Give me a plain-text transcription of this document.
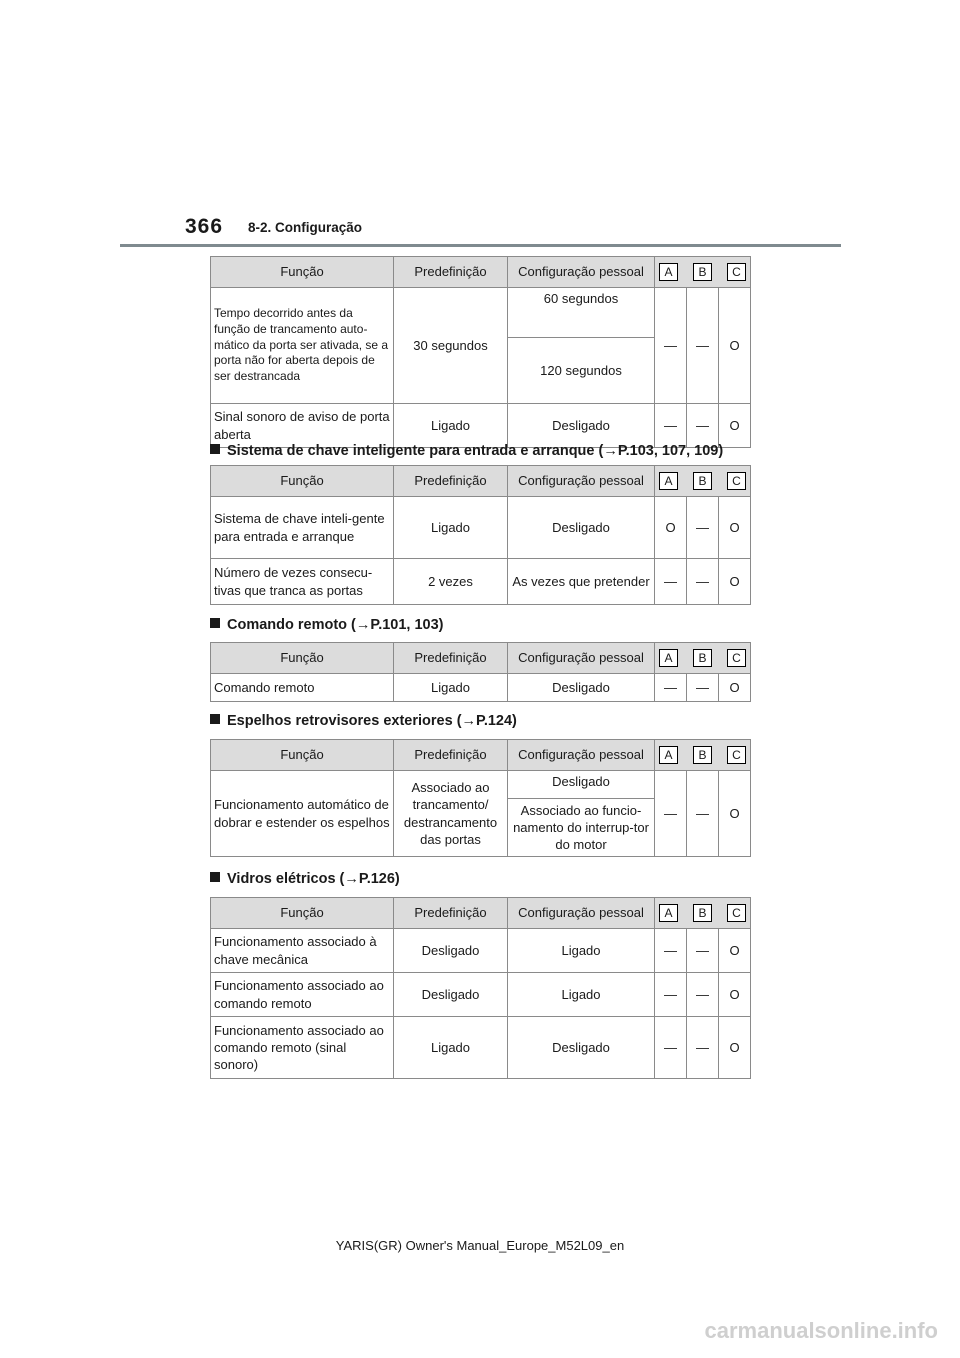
366 8-2. Configuração
Função	Predefinição	Configuração pessoal	A B C		

Tempo decorrido antes da função de trancamento auto-mático da porta ser ativada, se a porta não for aberta depois de ser destrancada	30 segundos	60 segundos	—	—	O
		120 segundos			
Sinal sonoro de aviso de porta aberta	Ligado	Desligado	—	—	O
Sistema de chave inteligente para entrada e arranque (→P.103, 107, 109)
Função	Predefinição	Configuração pessoal	A B C		

Sistema de chave inteli-gente para entrada e arranque	Ligado	Desligado	O	—	O
Número de vezes consecu-tivas que tranca as portas	2 vezes	As vezes que pretender	—	—	O
Comando remoto (→P.101, 103)
Função	Predefinição	Configuração pessoal	A B C		

Comando remoto	Ligado	Desligado	—	—	O
Espelhos retrovisores exteriores (→P.124)
Função	Predefinição	Configuração pessoal	A B C		

Funcionamento automático de dobrar e estender os espelhos	Associado ao trancamento/ destrancamento das portas	Desligado	—	—	O
		Associado ao funcio-namento do interrup-tor do motor			
Vidros elétricos (→P.126)
Função	Predefinição	Configuração pessoal	A B C		

Funcionamento associado à chave mecânica	Desligado	Ligado	—	—	O
Funcionamento associado ao comando remoto	Desligado	Ligado	—	—	O
Funcionamento associado ao comando remoto (sinal sonoro)	Ligado	Desligado	—	—	O
YARIS(GR) Owner's Manual_Europe_M52L09_en
carmanualsonline.info
